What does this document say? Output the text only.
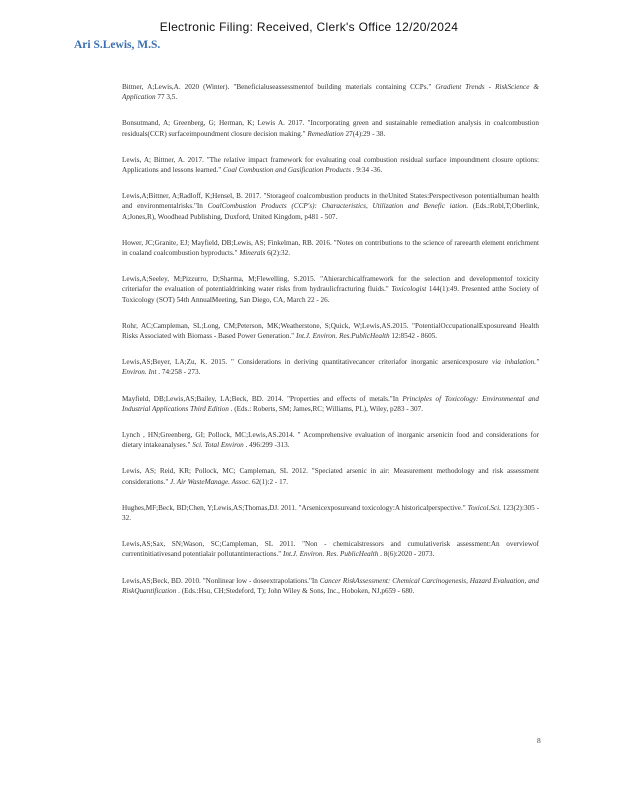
Electronic Filing: Received, Clerk's Office 12/20/2024
Ari S.Lewis, M.S.

Bittner, A;Lewis,A. 2020 (Winter). "Beneficialuseassessmentof building materials containing CCPs." Gradient Trends - RiskScience & Application 77 3,5.

Bonsutmand, A; Greenberg, G; Herman, K; Lewis A. 2017. "Incorporating green and sustainable remediation analysis in coalcombustion residuals(CCR) surfaceimpoundment closure decision making." Remediation 27(4):29 - 38.

Lewis, A; Bittner, A. 2017. "The relative impact framework for evaluating coal combustion residual surface impoundment closure options: Applications and lessons learned." Coal Combustion and Gasification Products . 9:34 -36.

Lewis,A;Bittner, A;Radloff, K;Hensel, B. 2017. "Storageof coalcombustion products in theUnited States:Perspectiveson potentialhuman health and environmentalrisks."In CoalCombustion Products (CCP's): Characteristics, Utilization and Benefic iation. (Eds.:Robl,T;Oberlink, A;Jones,R), Woodhead Publishing, Duxford, United Kingdom, p481 - 507.

Hower, JC;Granite, EJ; Mayfield, DB;Lewis, AS; Finkelman, RB. 2016. "Notes on contributions to the science of rareearth element enrichment in coaland coalcombustion byproducts." Minerals 6(2):32.

Lewis,A;Seeley, M;Pizzurro, D;Sharma, M;Flewelling, S.2015. "Ahierarchicalframework for the selection and developmentof toxicity criteriafor the evaluation of potentialdrinking water risks from hydraulicfracturing fluids." Toxicologist 144(1):49. Presented atthe Society of Toxicology (SOT) 54th AnnualMeeting, San Diego, CA, March 22 - 26.

Rohr, AC;Campleman, SL;Long, CM;Peterson, MK;Weatherstone, S;Quick, W;Lewis,AS.2015. "PotentialOccupationalExposureand Health Risks Associated with Biomass - Based Power Generation." Int.J. Environ. Res.PublicHealth 12:8542 - 8605.

Lewis,AS;Beyer, LA;Zu, K. 2015. " Considerations in deriving quantitativecancer criteriafor inorganic arsenicexposure via inhalation." Environ. Int . 74:258 - 273.

Mayfield, DB;Lewis,AS;Bailey, LA;Beck, BD. 2014. "Properties and effects of metals."In Principles of Toxicology: Environmental and Industrial Applications Third Edition . (Eds.: Roberts, SM; James,RC; Williams, PL), Wiley, p283 - 307.

Lynch , HN;Greenberg, GI; Pollock, MC;Lewis,AS.2014. " Acomprehensive evaluation of inorganic arsenicin food and considerations for dietary intakeanalyses." Sci. Total Environ . 496:299 -313.

Lewis, AS; Reid, KR; Pollock, MC; Campleman, SL 2012. "Speciated arsenic in air: Measurement methodology and risk assessment considerations." J. Air WasteManage. Assoc. 62(1):2 - 17.

Hughes,MF;Beck, BD;Chen, Y;Lewis,AS;Thomas,DJ. 2011. "Arsenicexposureand toxicology:A historicalperspective." Toxicol.Sci. 123(2):305 - 32.

Lewis,AS;Sax, SN;Wason, SC;Campleman, SL 2011. "Non - chemicalstressors and cumulativerisk assessment:An overviewof currentinitiativesand potentialair pollutantinteractions." Int.J. Environ. Res. PublicHealth . 8(6):2020 - 2073.

Lewis,AS;Beck, BD. 2010. "Nonlinear low - doseextrapolations."In Cancer RiskAssessment: Chemical Carcinogenesis, Hazard Evaluation, and RiskQuantification . (Eds.:Hsu, CH;Stedeford, T); John Wiley & Sons, Inc., Hoboken, NJ,p659 - 680.

8
